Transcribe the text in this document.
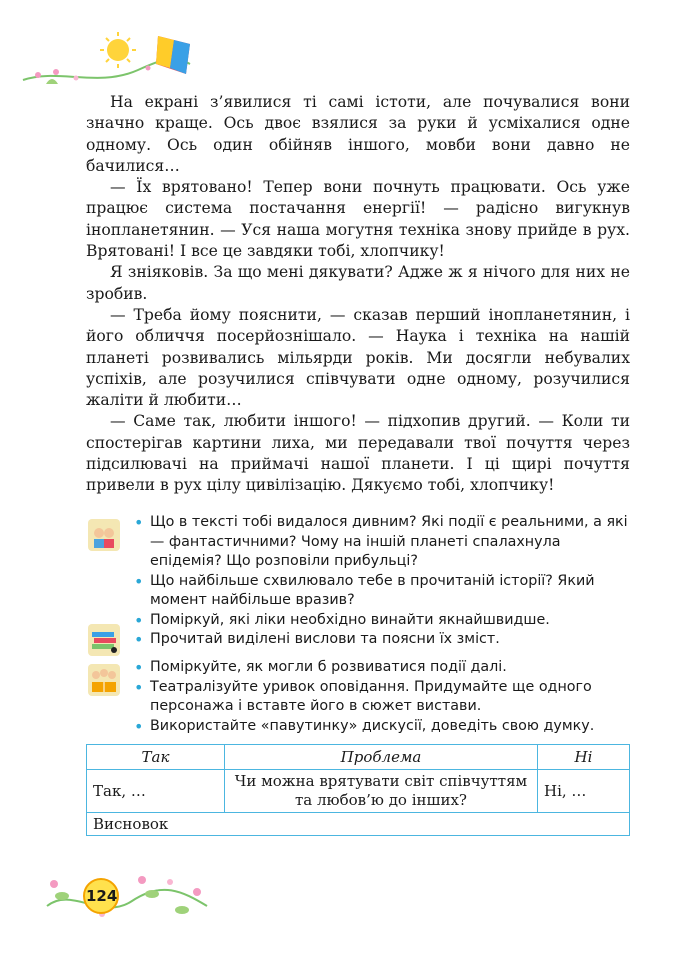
На екрані з’явилися ті самі істоти, але почувалися вони значно краще. Ось двоє взялися за руки й усміхалися одне одному. Ось один обійняв іншого, мовби вони давно не бачилися…

— Їх врятовано! Тепер вони почнуть працювати. Ось уже працює система постачання енергії! — радісно вигукнув інопланетянин. — Уся наша могутня техніка знову прийде в рух. Врятовані! І все це завдяки тобі, хлопчику!

Я зніяковів. За що мені дякувати? Адже ж я нічого для них не зробив.

— Треба йому пояснити, — сказав перший інопланетянин, і його обличчя посерйознішало. — Наука і техніка на нашій планеті розвивались мільярди років. Ми досягли небувалих успіхів, але розучилися співчувати одне одному, розучилися жаліти й любити…

— Саме так, любити іншого! — підхопив другий. — Коли ти спостерігав картини лиха, ми передавали твої почуття через підсилювачі на приймачі нашої планети. І ці щирі почуття привели в рух цілу цивілізацію. Дякуємо тобі, хлопчику!

• Що в тексті тобі видалося дивним? Які події є реальними, а які — фантастичними? Чому на іншій планеті спалахнула епідемія? Що розповіли прибульці?
• Що найбільше схвилювало тебе в прочитаній історії? Який момент найбільше вразив?
• Поміркуй, які ліки необхідно винайти якнайшвидше.
• Прочитай виділені вислови та поясни їх зміст.
• Поміркуйте, як могли б розвиватися події далі.
• Театралізуйте уривок оповідання. Придумайте ще одного персонажа і вставте його в сюжет вистави.
• Використайте «павутинку» дискусії, доведіть свою думку.
Так	Проблема	Ні
Так, …	Чи можна врятувати світ співчуттям та любов’ю до інших?	Ні, …
Висновок		
124
